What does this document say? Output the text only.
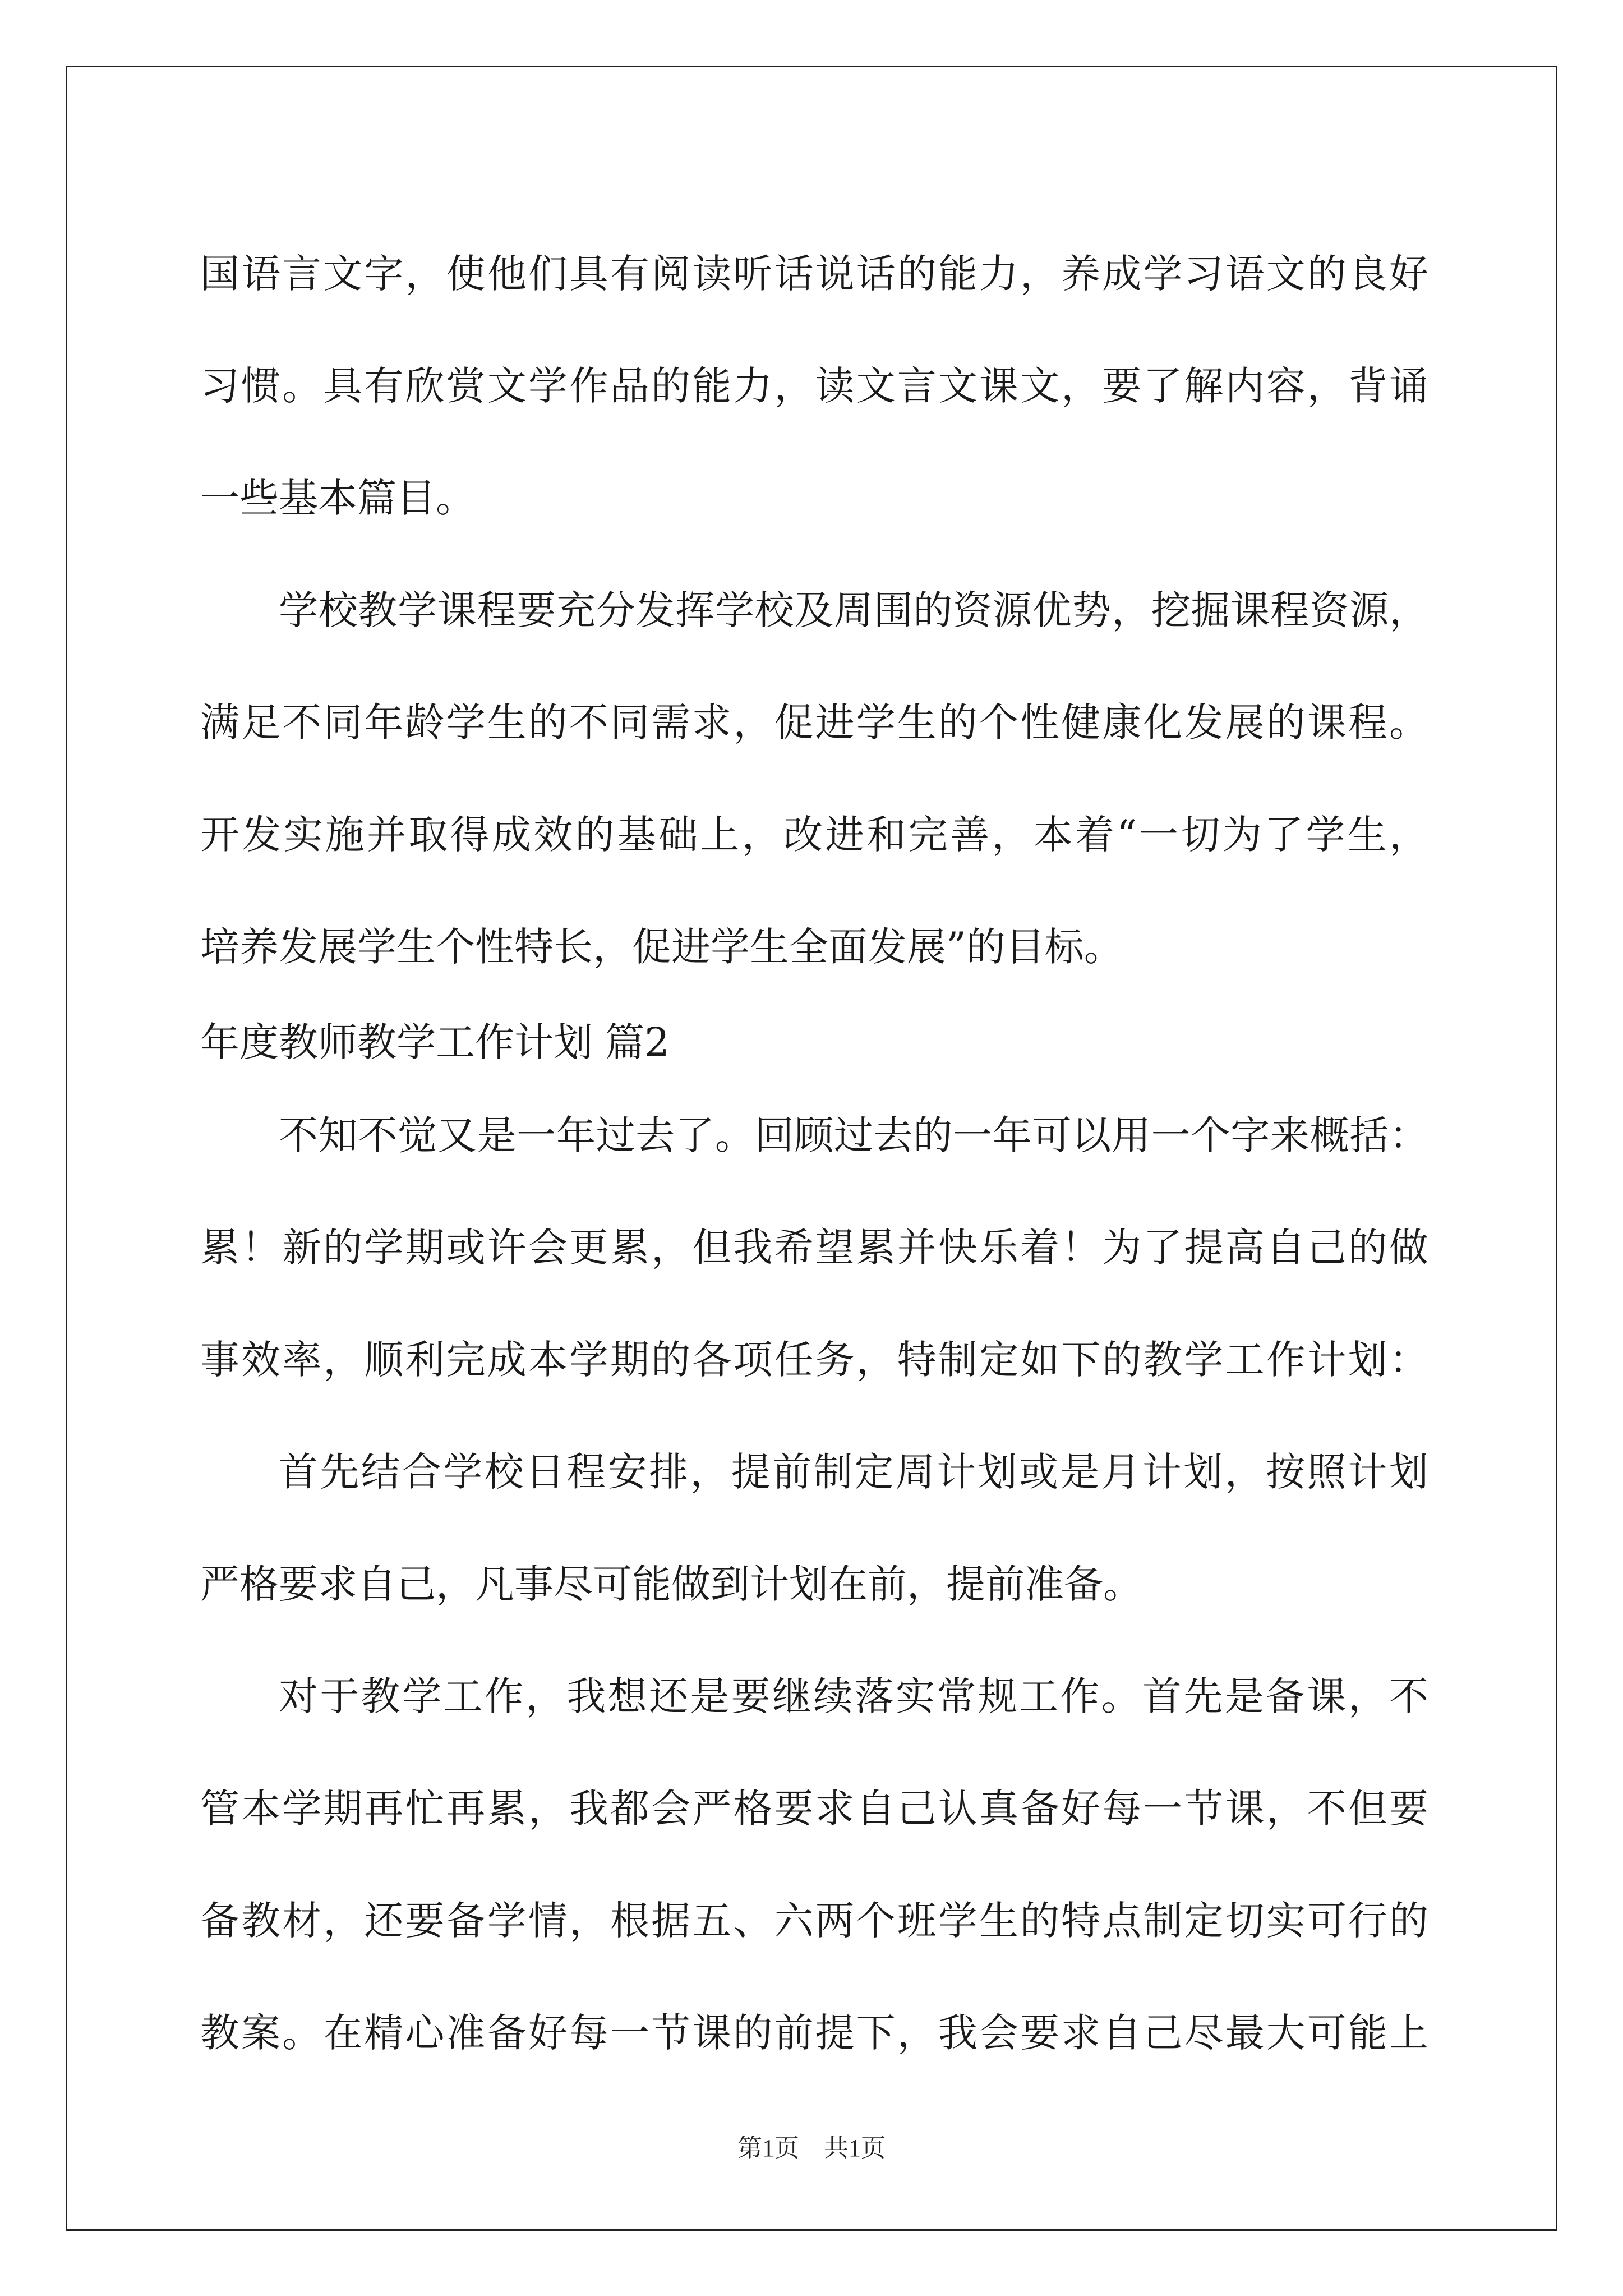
国语言文字，使他们具有阅读听话说话的能力，养成学习语文的良好

习惯。具有欣赏文学作品的能力，读文言文课文，要了解内容，背诵

一些基本篇目。

学校教学课程要充分发挥学校及周围的资源优势，挖掘课程资源，

满足不同年龄学生的不同需求，促进学生的个性健康化发展的课程。

开发实施并取得成效的基础上，改进和完善，本着“一切为了学生，

培养发展学生个性特长，促进学生全面发展”的目标。

年度教师教学工作计划 篇2

不知不觉又是一年过去了。回顾过去的一年可以用一个字来概括：

累！新的学期或许会更累，但我希望累并快乐着！为了提高自己的做

事效率，顺利完成本学期的各项任务，特制定如下的教学工作计划：

首先结合学校日程安排，提前制定周计划或是月计划，按照计划

严格要求自己，凡事尽可能做到计划在前，提前准备。

对于教学工作，我想还是要继续落实常规工作。首先是备课，不

管本学期再忙再累，我都会严格要求自己认真备好每一节课，不但要

备教材，还要备学情，根据五、六两个班学生的特点制定切实可行的

教案。在精心准备好每一节课的前提下，我会要求自己尽最大可能上

第1页　共1页
